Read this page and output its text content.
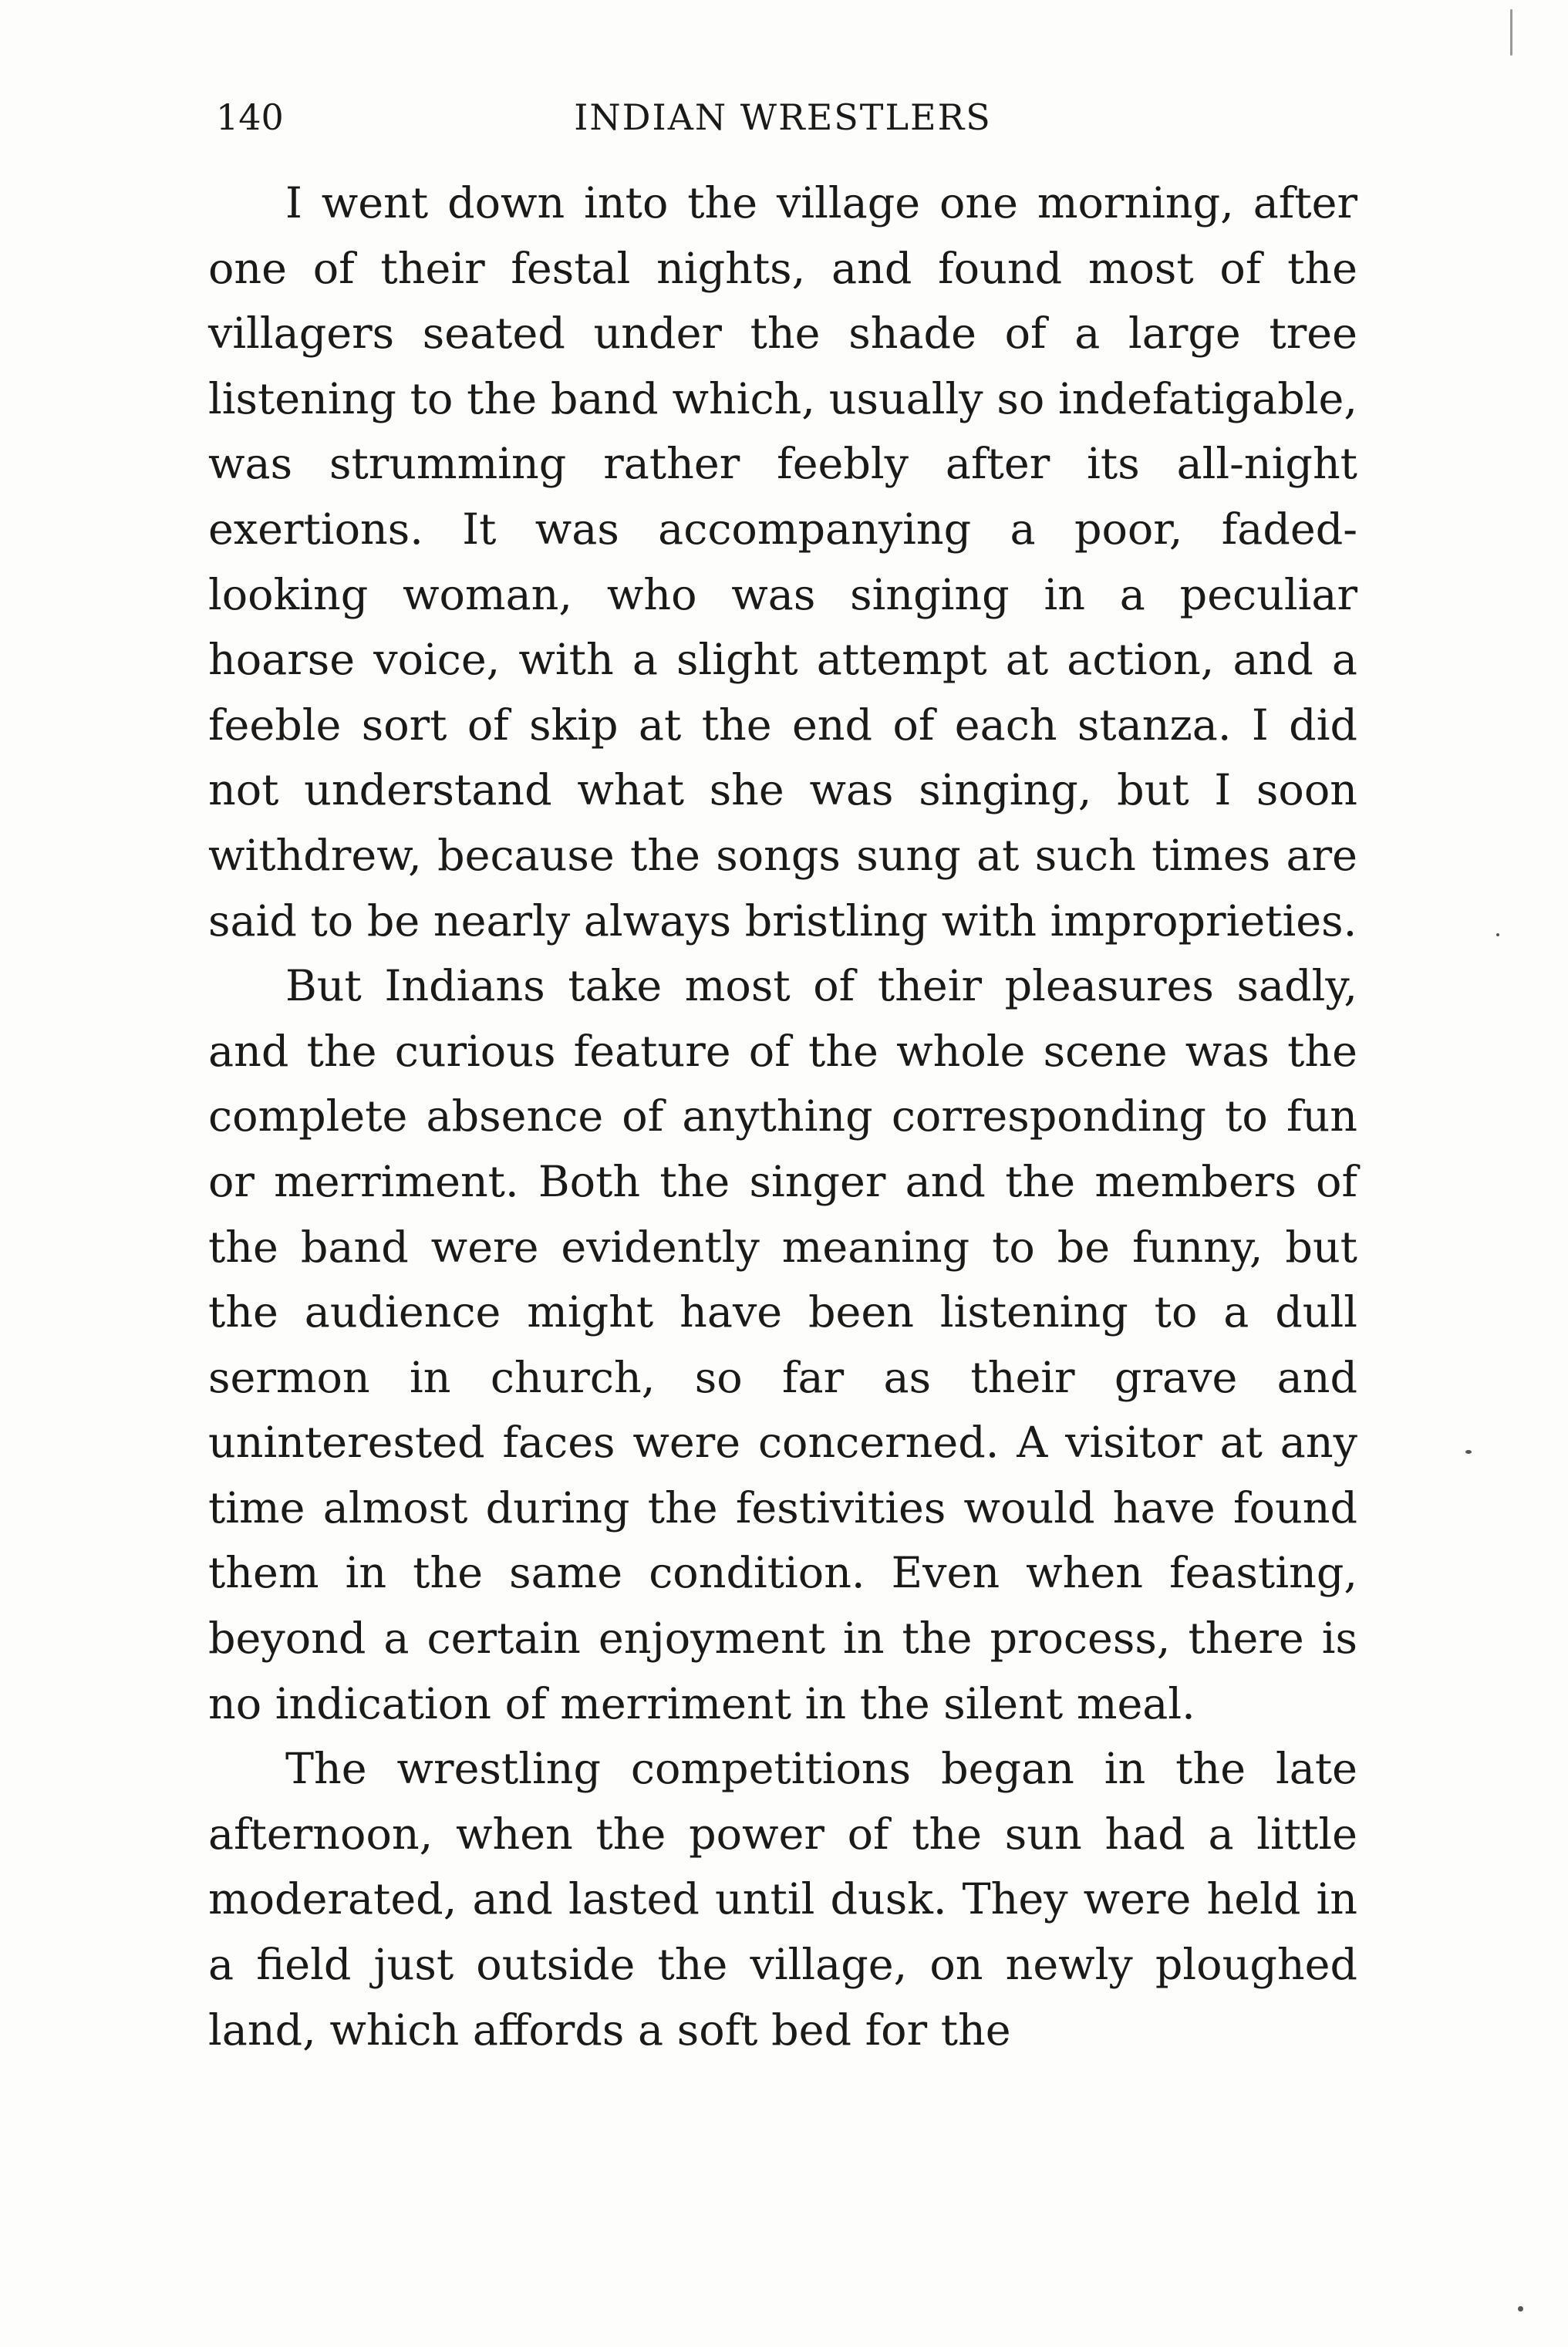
140	INDIAN WRESTLERS

I went down into the village one morning, after one of their festal nights, and found most of the villagers seated under the shade of a large tree listening to the band which, usually so indefatigable, was strumming rather feebly after its all-night exertions. It was accompanying a poor, faded-looking woman, who was singing in a peculiar hoarse voice, with a slight attempt at action, and a feeble sort of skip at the end of each stanza. I did not understand what she was singing, but I soon withdrew, because the songs sung at such times are said to be nearly always bristling with improprieties.

But Indians take most of their pleasures sadly, and the curious feature of the whole scene was the complete absence of anything corresponding to fun or merriment. Both the singer and the members of the band were evidently meaning to be funny, but the audience might have been listening to a dull sermon in church, so far as their grave and uninterested faces were concerned. A visitor at any time almost during the festivities would have found them in the same condition. Even when feasting, beyond a certain enjoyment in the process, there is no indication of merriment in the silent meal.

The wrestling competitions began in the late afternoon, when the power of the sun had a little moderated, and lasted until dusk. They were held in a field just outside the village, on newly ploughed land, which affords a soft bed for the
